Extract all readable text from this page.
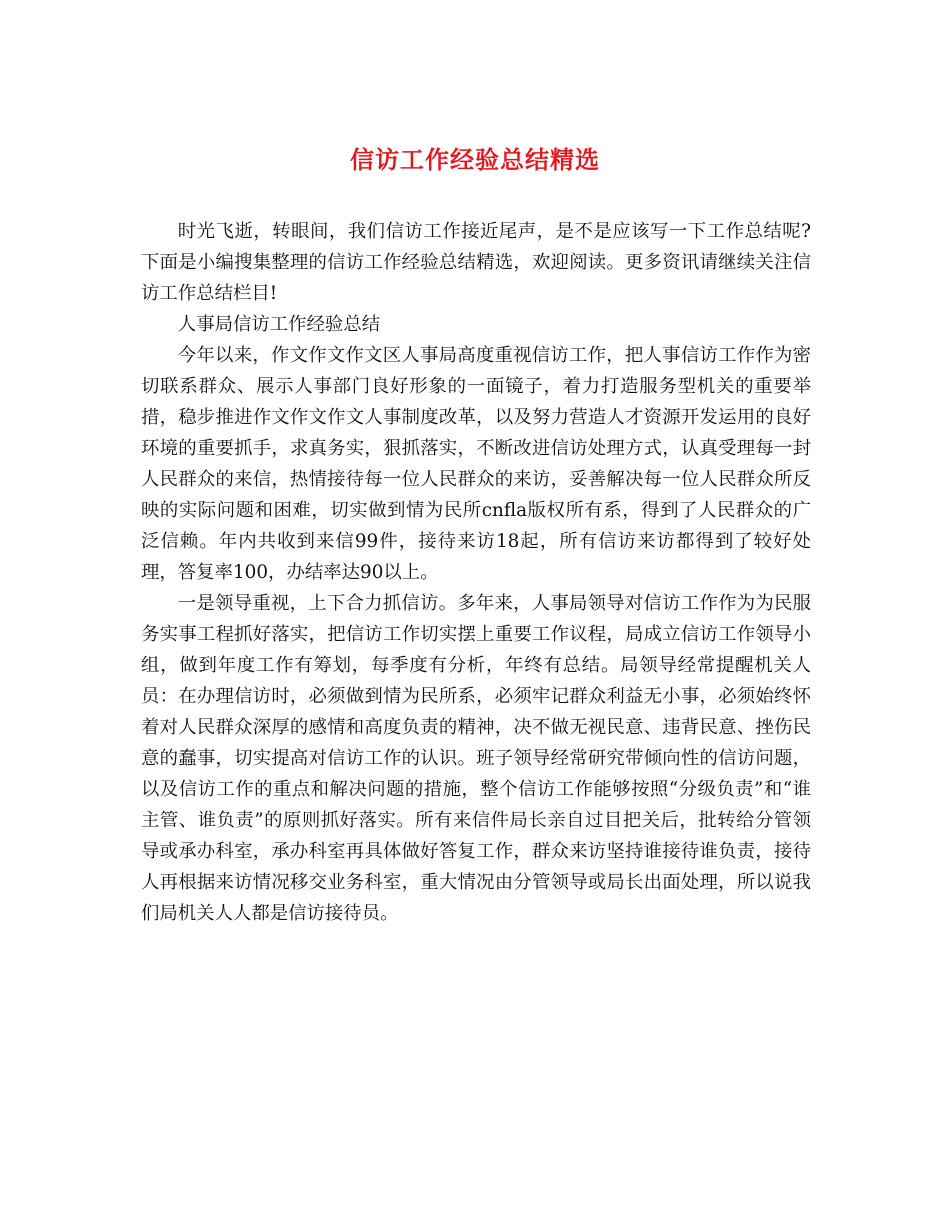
信访工作经验总结精选

时光飞逝，转眼间，我们信访工作接近尾声，是不是应该写一下工作总结呢? 下面是小编搜集整理的信访工作经验总结精选，欢迎阅读。更多资讯请继续关注信访工作总结栏目!

人事局信访工作经验总结

今年以来，作文作文作文区人事局高度重视信访工作，把人事信访工作作为密切联系群众、展示人事部门良好形象的一面镜子，着力打造服务型机关的重要举措，稳步推进作文作文作文人事制度改革，以及努力营造人才资源开发运用的良好环境的重要抓手，求真务实，狠抓落实，不断改进信访处理方式，认真受理每一封人民群众的来信，热情接待每一位人民群众的来访，妥善解决每一位人民群众所反映的实际问题和困难，切实做到情为民所cnfla版权所有系，得到了人民群众的广泛信赖。年内共收到来信99件，接待来访18起，所有信访来访都得到了较好处理，答复率100，办结率达90以上。

一是领导重视，上下合力抓信访。多年来，人事局领导对信访工作作为为民服务实事工程抓好落实，把信访工作切实摆上重要工作议程，局成立信访工作领导小组，做到年度工作有筹划，每季度有分析，年终有总结。局领导经常提醒机关人员：在办理信访时，必须做到情为民所系，必须牢记群众利益无小事，必须始终怀着对人民群众深厚的感情和高度负责的精神，决不做无视民意、违背民意、挫伤民意的蠢事，切实提高对信访工作的认识。班子领导经常研究带倾向性的信访问题，以及信访工作的重点和解决问题的措施，整个信访工作能够按照“分级负责”和“谁主管、谁负责”的原则抓好落实。所有来信件局长亲自过目把关后，批转给分管领导或承办科室，承办科室再具体做好答复工作，群众来访坚持谁接待谁负责，接待人再根据来访情况移交业务科室，重大情况由分管领导或局长出面处理，所以说我们局机关人人都是信访接待员。
